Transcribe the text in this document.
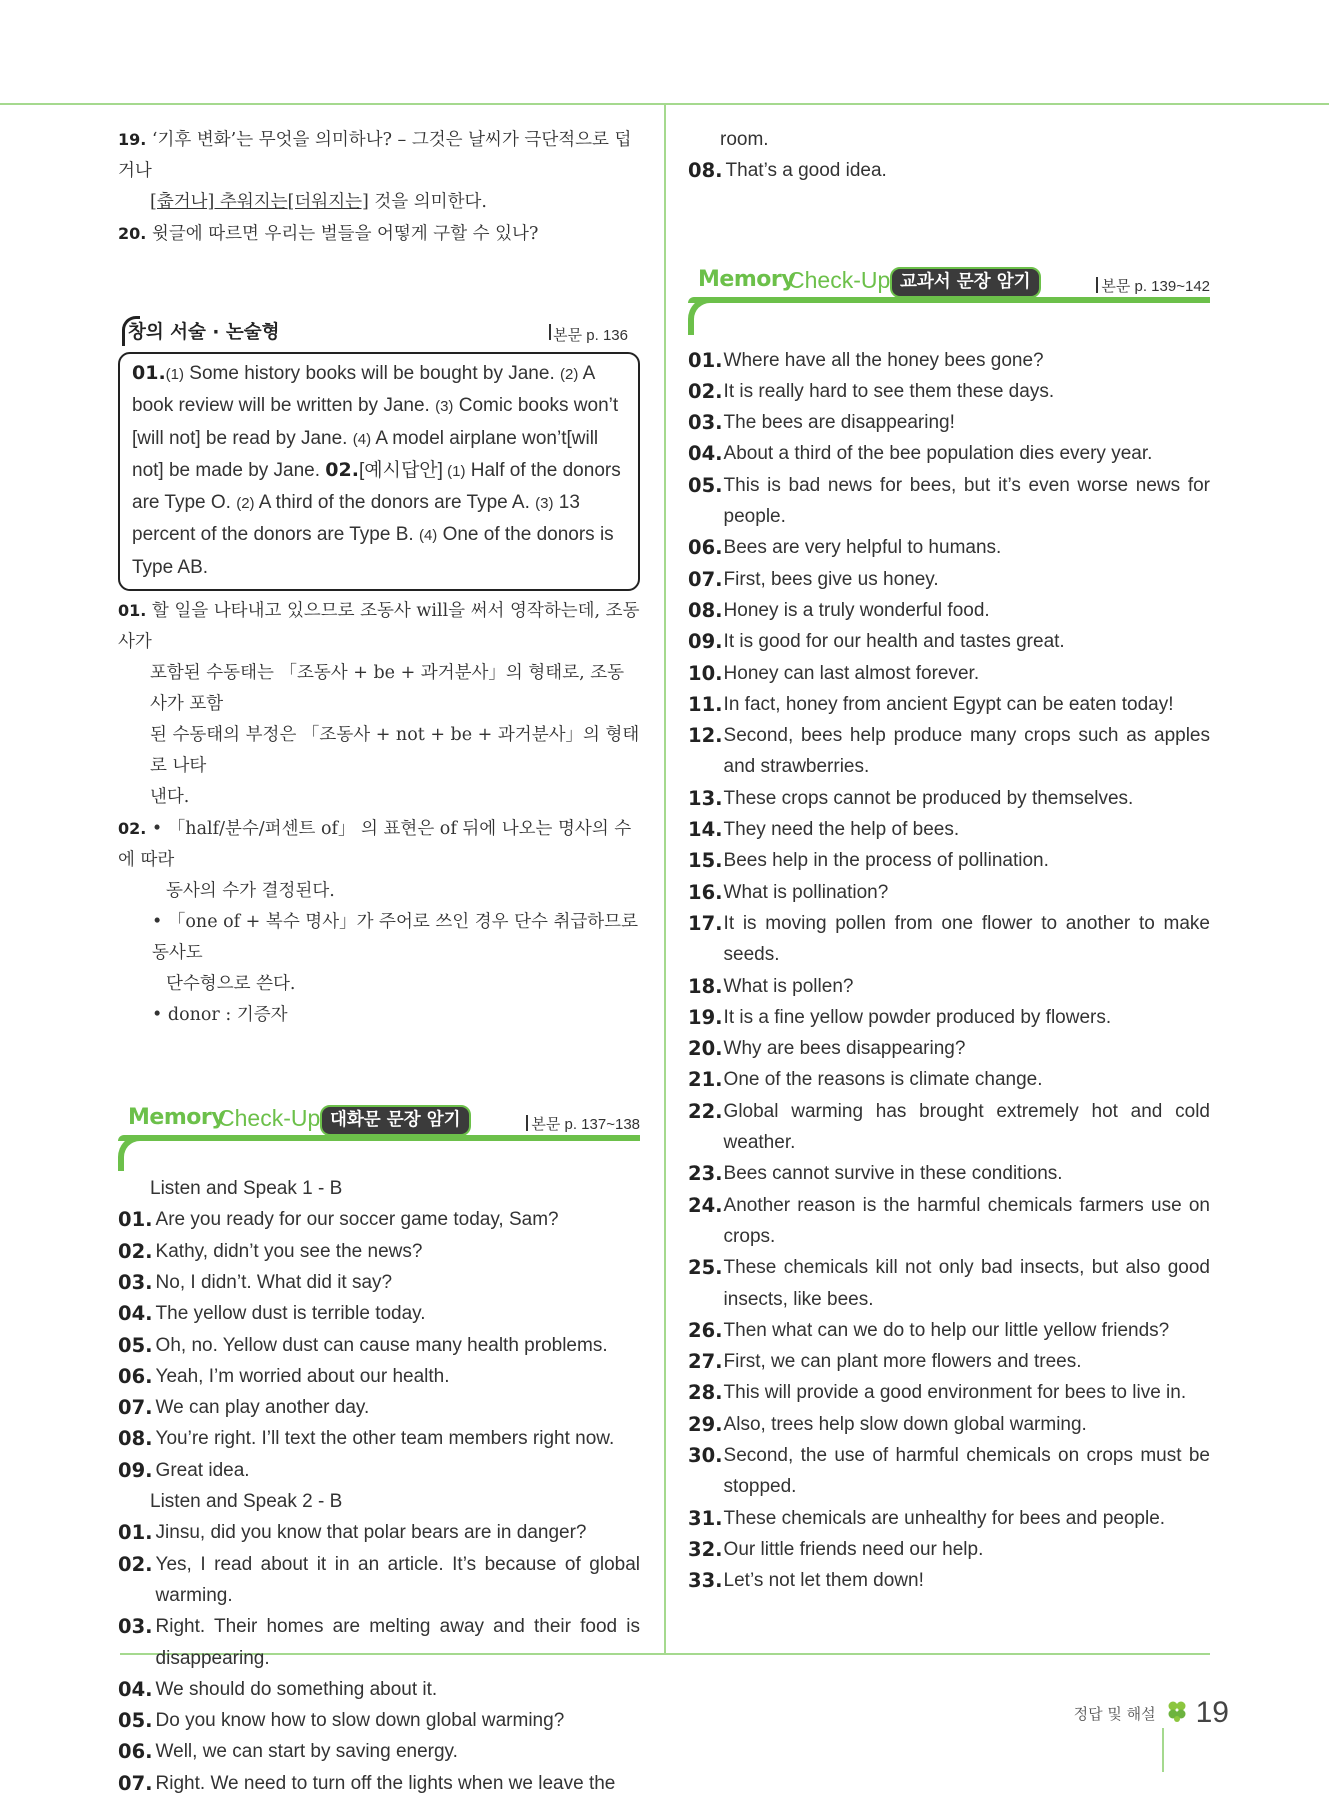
19. ‘기후 변화’는 무엇을 의미하나? – 그것은 날씨가 극단적으로 덥거나
[춥거나] 추워지는[더워지는] 것을 의미한다.
20. 윗글에 따르면 우리는 벌들을 어떻게 구할 수 있나?
창의 서술 · 논술형	본문 p. 136
01.(1) Some history books will be bought by Jane. (2) A
book review will be written by Jane. (3) Comic books won’t
[will not] be read by Jane. (4) A model airplane won’t[will
not] be made by Jane. 02.[예시답안] (1) Half of the donors
are Type O. (2) A third of the donors are Type A. (3) 13
percent of the donors are Type B. (4) One of the donors is
Type AB.
01. 할 일을 나타내고 있으므로 조동사 will을 써서 영작하는데, 조동사가
포함된 수동태는 「조동사 + be + 과거분사」의 형태로, 조동사가 포함
된 수동태의 부정은 「조동사 + not + be + 과거분사」의 형태로 나타
낸다.
02. • 「half/분수/퍼센트 of」 의 표현은 of 뒤에 나오는 명사의 수에 따라
동사의 수가 결정된다.
• 「one of + 복수 명사」가 주어로 쓰인 경우 단수 취급하므로 동사도
단수형으로 쓴다.
• donor : 기증자
Memory
Check-Up 대화문 문장 암기	본문 p. 137~138
Listen and Speak 1 - B
01. Are you ready for our soccer game today, Sam?
02. Kathy, didn’t you see the news?
03. No, I didn’t. What did it say?
04. The yellow dust is terrible today.
05. Oh, no. Yellow dust can cause many health problems.
06. Yeah, I’m worried about our health.
07. We can play another day.
08. You’re right. I’ll text the other team members right now.
09. Great idea.
Listen and Speak 2 - B
01. Jinsu, did you know that polar bears are in danger?
02. Yes, I read about it in an article. It’s because of global warming.
03. Right. Their homes are melting away and their food is disappearing.
04. We should do something about it.
05. Do you know how to slow down global warming?
06. Well, we can start by saving energy.
07. Right. We need to turn off the lights when we leave the
room.
08. That’s a good idea.
Memory
Check-Up 교과서 문장 암기	본문 p. 139~142
01. Where have all the honey bees gone?
02. It is really hard to see them these days.
03. The bees are disappearing!
04. About a third of the bee population dies every year.
05. This is bad news for bees, but it’s even worse news for people.
06. Bees are very helpful to humans.
07. First, bees give us honey.
08. Honey is a truly wonderful food.
09. It is good for our health and tastes great.
10. Honey can last almost forever.
11. In fact, honey from ancient Egypt can be eaten today!
12. Second, bees help produce many crops such as apples and strawberries.
13. These crops cannot be produced by themselves.
14. They need the help of bees.
15. Bees help in the process of pollination.
16. What is pollination?
17. It is moving pollen from one flower to another to make seeds.
18. What is pollen?
19. It is a fine yellow powder produced by flowers.
20. Why are bees disappearing?
21. One of the reasons is climate change.
22. Global warming has brought extremely hot and cold weather.
23. Bees cannot survive in these conditions.
24. Another reason is the harmful chemicals farmers use on crops.
25. These chemicals kill not only bad insects, but also good insects, like bees.
26. Then what can we do to help our little yellow friends?
27. First, we can plant more flowers and trees.
28. This will provide a good environment for bees to live in.
29. Also, trees help slow down global warming.
30. Second, the use of harmful chemicals on crops must be stopped.
31. These chemicals are unhealthy for bees and people.
32. Our little friends need our help.
33. Let’s not let them down!
정답 및 해설 19
